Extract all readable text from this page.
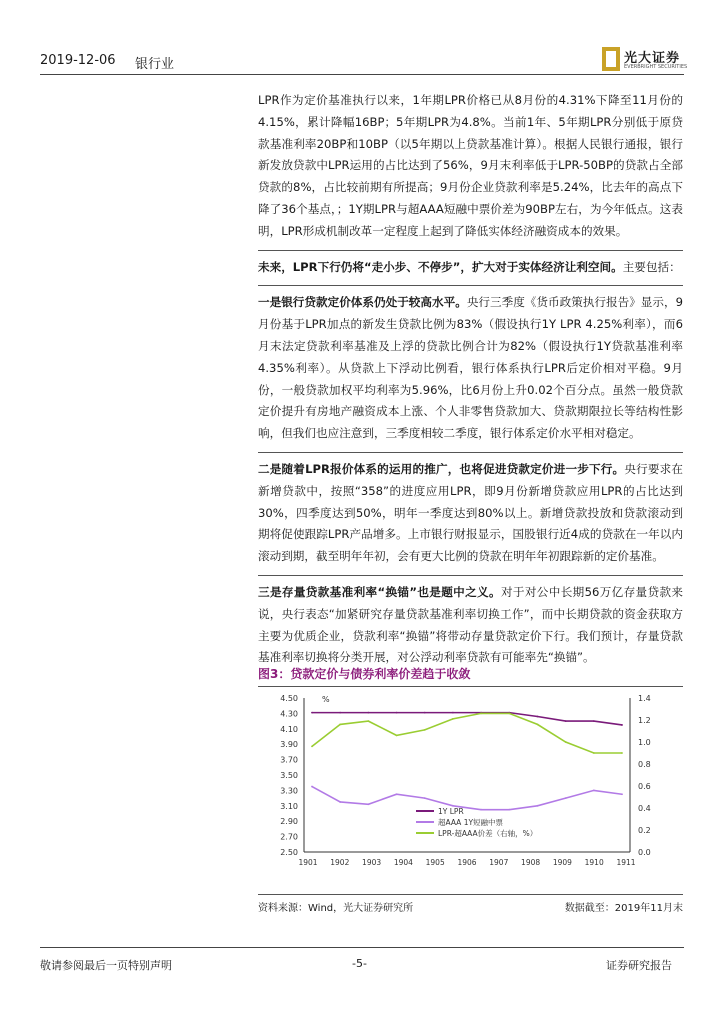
2019-12-06 银行业	光大证券
EVERBRIGHT SECURITIES

LPR作为定价基准执行以来，1年期LPR价格已从8月份的4.31%下降至11月份的4.15%，累计降幅16BP；5年期LPR为4.8%。当前1年、5年期LPR分别低于原贷款基准利率20BP和10BP（以5年期以上贷款基准计算）。根据人民银行通报，银行新发放贷款中LPR运用的占比达到了56%，9月末利率低于LPR-50BP的贷款占全部贷款的8%，占比较前期有所提高；9月份企业贷款利率是5.24%，比去年的高点下降了36个基点，；1Y期LPR与超AAA短融中票价差为90BP左右，为今年低点。这表明，LPR形成机制改革一定程度上起到了降低实体经济融资成本的效果。

未来，LPR下行仍将“走小步、不停步”，扩大对于实体经济让利空间。主要包括：

一是银行贷款定价体系仍处于较高水平。央行三季度《货币政策执行报告》显示，9月份基于LPR加点的新发生贷款比例为83%（假设执行1Y LPR 4.25%利率），而6月末法定贷款利率基准及上浮的贷款比例合计为82%（假设执行1Y贷款基准利率4.35%利率）。从贷款上下浮动比例看，银行体系执行LPR后定价相对平稳。9月份，一般贷款加权平均利率为5.96%，比6月份上升0.02个百分点。虽然一般贷款定价提升有房地产融资成本上涨、个人非零售贷款加大、贷款期限拉长等结构性影响，但我们也应注意到，三季度相较二季度，银行体系定价水平相对稳定。

二是随着LPR报价体系的运用的推广，也将促进贷款定价进一步下行。央行要求在新增贷款中，按照“358”的进度应用LPR，即9月份新增贷款应用LPR的占比达到30%，四季度达到50%，明年一季度达到80%以上。新增贷款投放和贷款滚动到期将促使跟踪LPR产品增多。上市银行财报显示，国股银行近4成的贷款在一年以内滚动到期，截至明年年初，会有更大比例的贷款在明年年初跟踪新的定价基准。

三是存量贷款基准利率“换锚”也是题中之义。对于对公中长期56万亿存量贷款来说，央行表态“加紧研究存量贷款基准利率切换工作”，而中长期贷款的资金获取方主要为优质企业，贷款利率“换锚”将带动存量贷款定价下行。我们预计，存量贷款基准利率切换将分类开展，对公浮动利率贷款有可能率先“换锚”。

图3：贷款定价与债券利率价差趋于收敛
4.50
4.30
4.10
3.90
3.70
3.50
3.30
3.10
2.90
2.70
2.50
1.4
1.2
1.0
0.8
0.6
0.4
0.2
0.0
%
1901 1902 1903 1904 1905 1906 1907 1908 1909 1910 1911
1Y LPR
超AAA 1Y短融中票
LPR-超AAA价差（右轴，%）
资料来源：Wind，光大证券研究所	数据截至：2019年11月末
敬请参阅最后一页特别声明	-5-	证券研究报告
